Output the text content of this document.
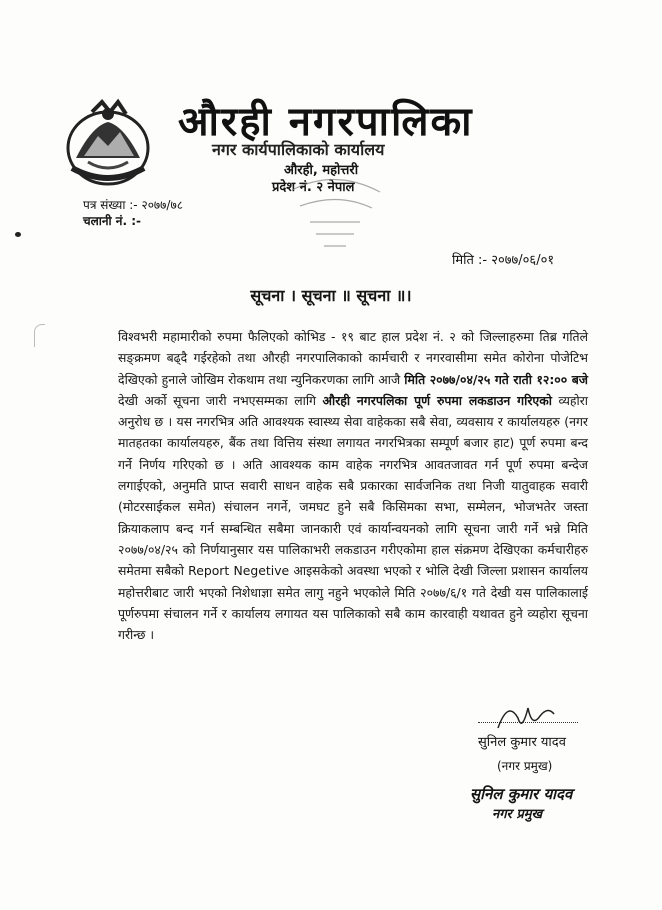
औरही नगरपालिका
नगर कार्यपालिकाको कार्यालय
औरही, महोत्तरी
प्रदेश नं. २ नेपाल
पत्र संख्या :- २०७७/७८
चलानी नं. :-
मिति :- २०७७/०६/०१
सूचना । सूचना ॥ सूचना ॥।
विश्वभरी महामारीको रुपमा फैलिएको कोभिड - १९ बाट हाल प्रदेश नं. २ को जिल्लाहरुमा तिब्र गतिले सङ्क्रमण बढ्दै गईरहेको तथा औरही नगरपालिकाको कार्मचारी र नगरवासीमा समेत कोरोना पोजेटिभ देखिएको हुनाले जोखिम रोकथाम तथा न्युनिकरणका लागि आजै मिति २०७७/०४/२५ गते राती १२:०० बजे देखी अर्को सूचना जारी नभएसम्मका लागि औरही नगरपलिका पूर्ण रुपमा लकडाउन गरिएको व्यहोरा अनुरोध छ । यस नगरभित्र अति आवश्यक स्वास्थ्य सेवा वाहेकका सबै सेवा, व्यवसाय र कार्यालयहरु (नगर मातहतका कार्यालयहरु, बैंक तथा वित्तिय संस्था लगायत नगरभित्रका सम्पूर्ण बजार हाट) पूर्ण रुपमा बन्द गर्ने निर्णय गरिएको छ । अति आवश्यक काम वाहेक नगरभित्र आवतजावत गर्न पूर्ण रुपमा बन्देज लगाईएको, अनुमति प्राप्त सवारी साधन वाहेक सबै प्रकारका सार्वजनिक तथा निजी यातुवाहक सवारी (मोटरसाईकल समेत) संचालन नगर्ने, जमघट हुने सबै किसिमका सभा, सम्मेलन, भोजभतेर जस्ता क्रियाकलाप बन्द गर्न सम्बन्धित सबैमा जानकारी एवं कार्यान्वयनको लागि सूचना जारी गर्ने भन्ने मिति २०७७/०४/२५ को निर्णयानुसार यस पालिकाभरी लकडाउन गरीएकोमा हाल संक्रमण देखिएका कर्मचारीहरु समेतमा सबैको Report Negetive आइसकेको अवस्था भएको र भोलि देखी जिल्ला प्रशासन कार्यालय महोत्तरीबाट जारी भएको निशेधाज्ञा समेत लागु नहुने भएकोले मिति २०७७/६/१ गते देखी यस पालिकालाई पूर्णरुपमा संचालन गर्ने र कार्यालय लगायत यस पालिकाको सबै काम कारवाही यथावत हुने व्यहोरा सूचना गरीन्छ ।
सुनिल कुमार यादव
(नगर प्रमुख)
सुनिल कुमार यादव
नगर प्रमुख
